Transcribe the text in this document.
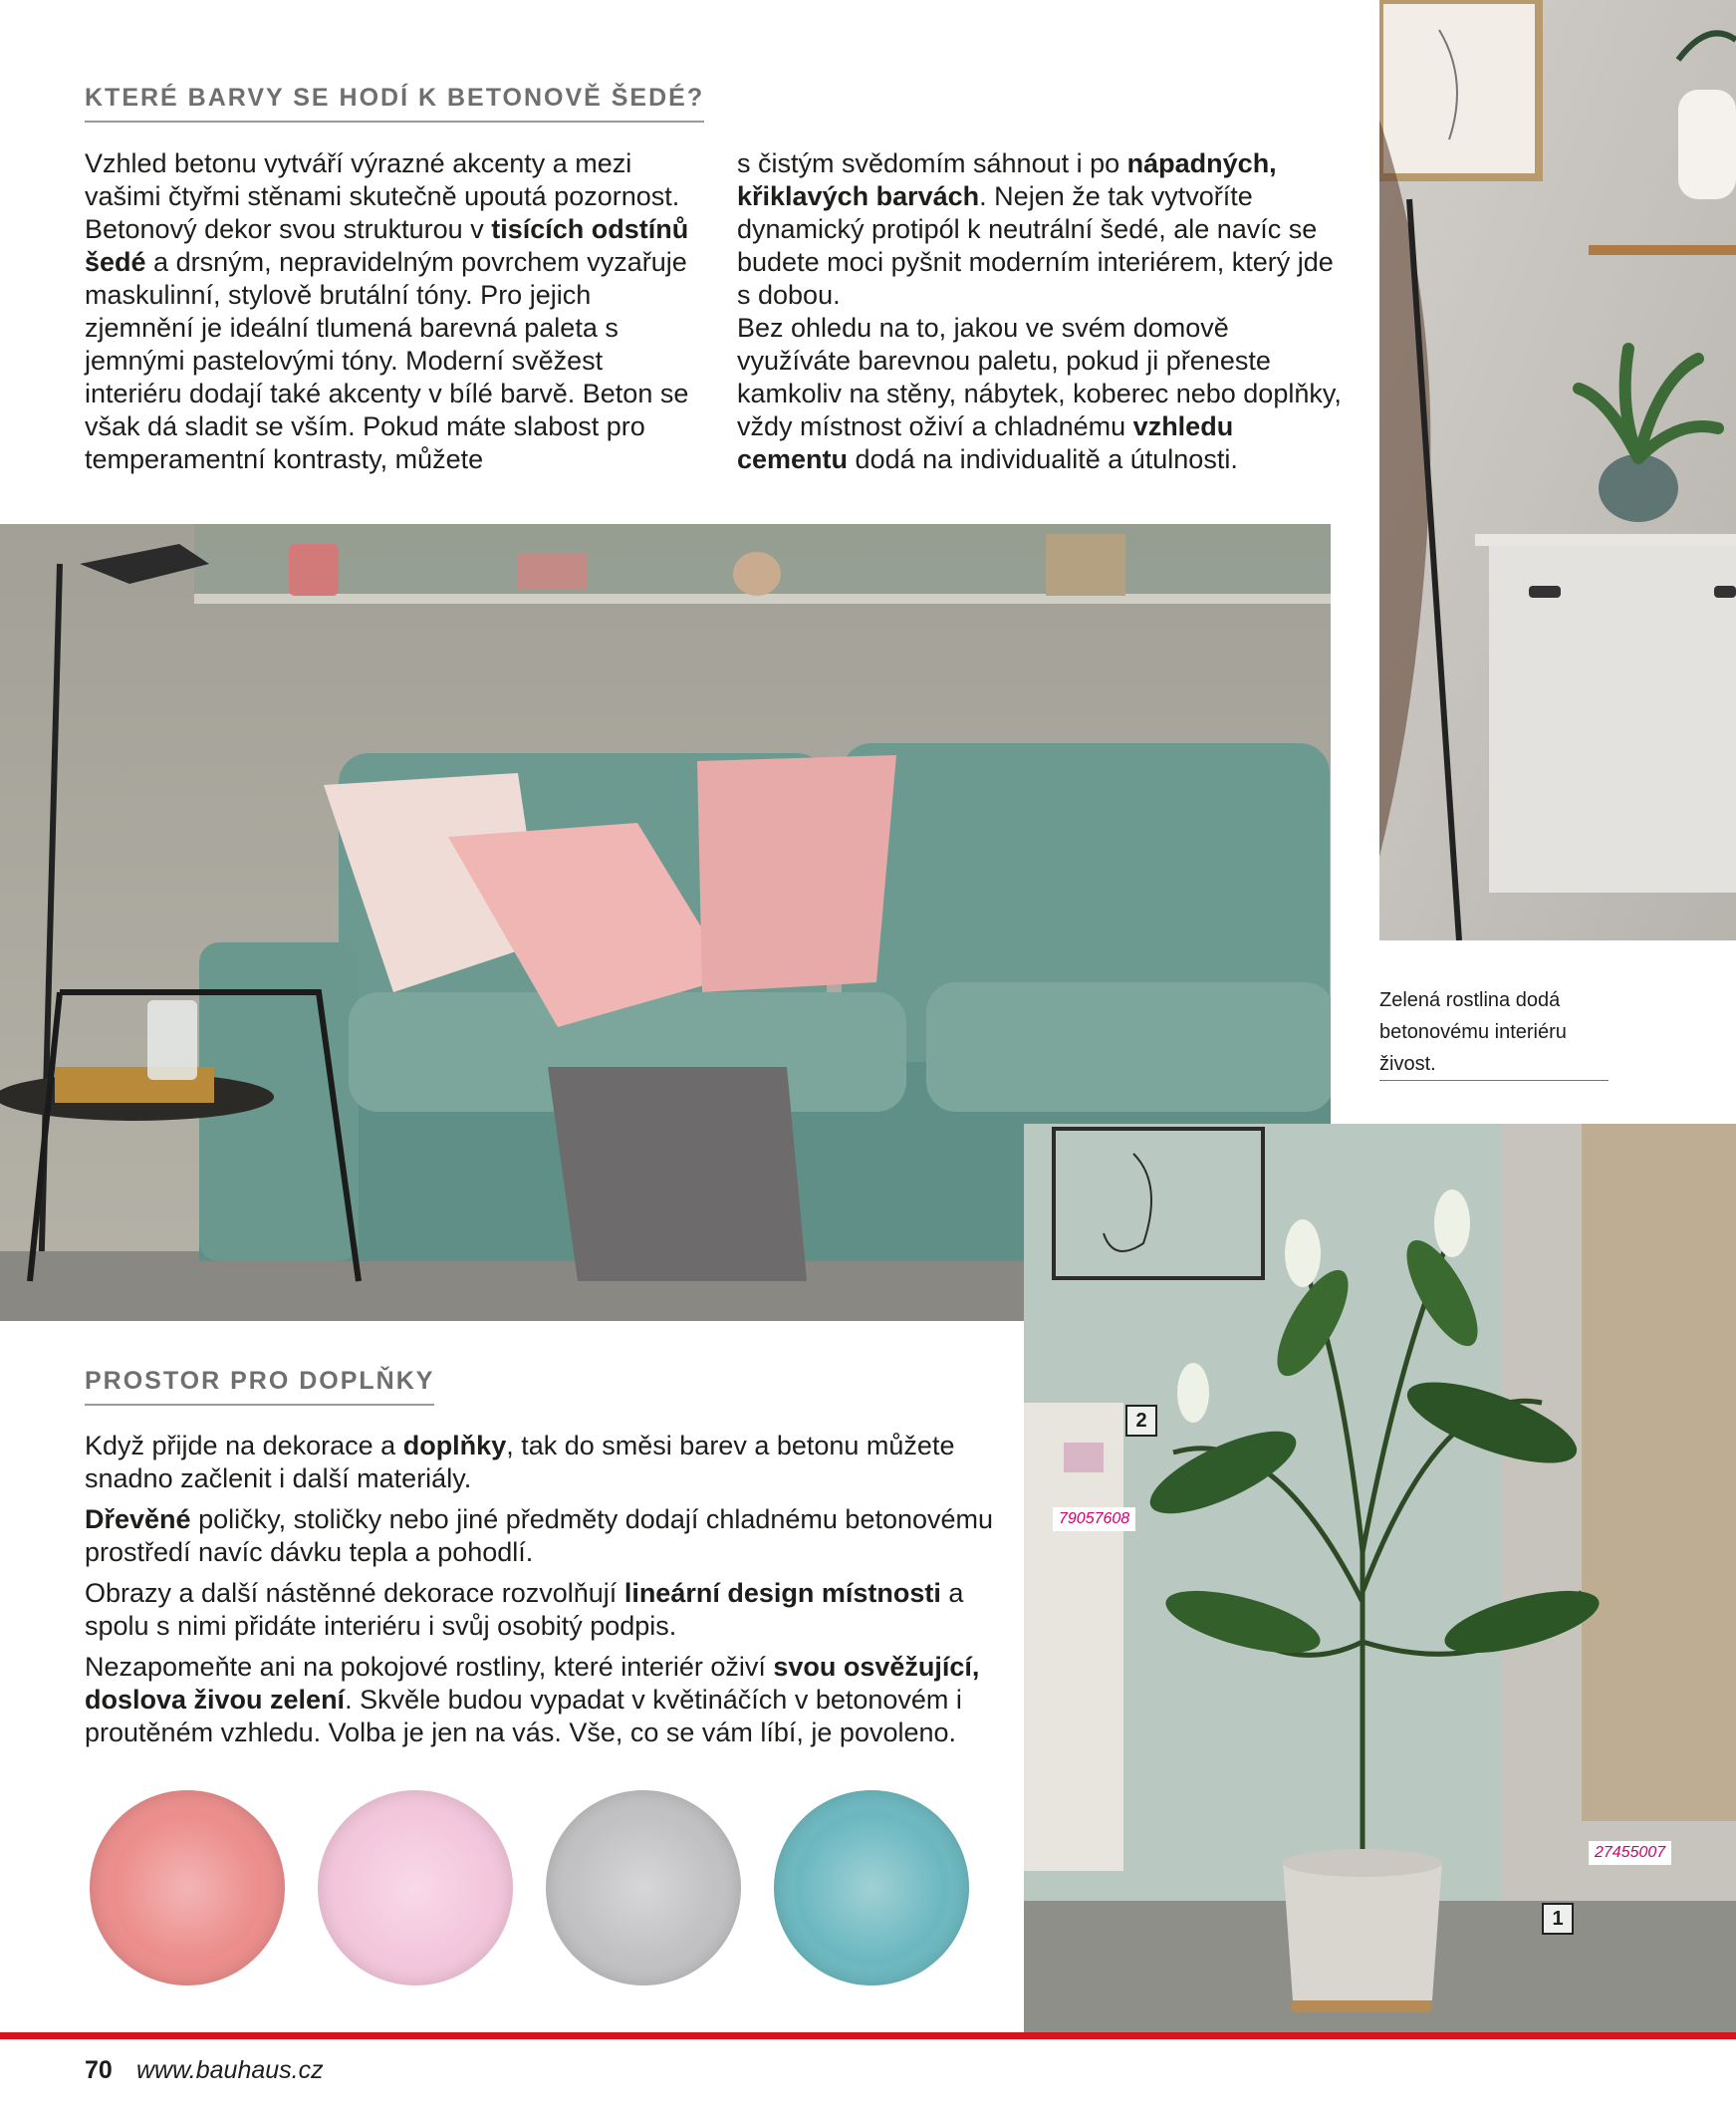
KTERÉ BARVY SE HODÍ K BETONOVĚ ŠEDÉ?
Vzhled betonu vytváří výrazné akcenty a mezi vašimi čtyřmi stěnami skutečně upoutá pozornost. Betonový dekor svou strukturou v tisících odstínů šedé a drsným, nepravidelným povrchem vyzařuje maskulinní, stylově brutální tóny. Pro jejich zjemnění je ideální tlumená barevná paleta s jemnými pastelovými tóny. Moderní svěžest interiéru dodají také akcenty v bílé barvě. Beton se však dá sladit se vším. Pokud máte slabost pro temperamentní kontrasty, můžete

s čistým svědomím sáhnout i po nápadných, křiklavých barvách. Nejen že tak vytvoříte dynamický protipól k neutrální šedé, ale navíc se budete moci pyšnit moderním interiérem, který jde s dobou.

Bez ohledu na to, jakou ve svém domově využíváte barevnou paletu, pokud ji přeneste kamkoliv na stěny, nábytek, koberec nebo doplňky, vždy místnost oživí a chladnému vzhledu cementu dodá na individualitě a útulnosti.

Zelená rostlina dodá betonovému interiéru živost.
79057608
27455007
2
1
PROSTOR PRO DOPLŇKY

Když přijde na dekorace a doplňky, tak do směsi barev a betonu můžete snadno začlenit i další materiály.

Dřevěné poličky, stoličky nebo jiné předměty dodají chladnému betonovému prostředí navíc dávku tepla a pohodlí.

Obrazy a další nástěnné dekorace rozvolňují lineární design místnosti a spolu s nimi přidáte interiéru i svůj osobitý podpis.

Nezapomeňte ani na pokojové rostliny, které interiér oživí svou osvěžující, doslova živou zelení. Skvěle budou vypadat v květináčích v betonovém i proutěném vzhledu. Volba je jen na vás. Vše, co se vám líbí, je povoleno.

70 www.bauhaus.cz
